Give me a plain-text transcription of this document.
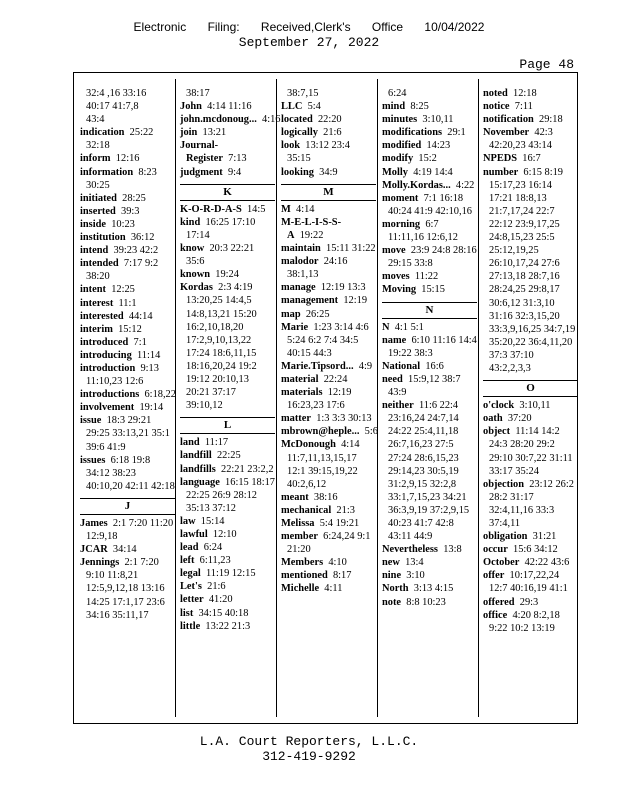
Electronic Filing: Received,Clerk's Office 10/04/2022
September 27, 2022
Page 48
32:4 ,16 33:16
40:17 41:7,8
43:4
indication 25:22 32:18
inform 12:16
information 8:23 30:25
initiated 28:25
inserted 39:3
inside 10:23
institution 36:12
intend 39:23 42:2
intended 7:17 9:2 38:20
intent 12:25
interest 11:1
interested 44:14
interim 15:12
introduced 7:1
introducing 11:14
introduction 9:13 11:10,23 12:6
introductions 6:18,22
involvement 19:14
issue 18:3 29:21 29:25 33:13,21 35:1 39:6 41:9
issues 6:18 19:8 34:12 38:23 40:10,20 42:11 42:18
J
James 2:1 7:20 11:20 12:9,18
JCAR 34:14
Jennings 2:1 7:20 9:10 11:8,21 12:5,9,12,18 13:16 14:25 17:1,17 23:6 34:16 35:11,17
38:17
John 4:14 11:16
john.mcdonoug... 4:16
join 13:21
Journal-Register 7:13
judgment 9:4
K
K-O-R-D-A-S 14:5
kind 16:25 17:10 17:14
know 20:3 22:21 35:6
known 19:24
Kordas 2:3 4:19 13:20,25 14:4,5 14:8,13,21 15:20 16:2,10,18,20 17:2,9,10,13,22 17:24 18:6,11,15 18:16,20,24 19:2 19:12 20:10,13 20:21 37:17 39:10,12
L
land 11:17
landfill 22:25
landfills 22:21 23:2,2
language 16:15 18:17 22:25 26:9 28:12 35:13 37:12
law 15:14
lawful 12:10
lead 6:24
left 6:11,23
legal 11:19 12:15
Let's 21:6
letter 41:20
list 34:15 40:18
little 13:22 21:3
38:7,15
LLC 5:4
located 22:20
logically 21:6
look 13:12 23:4 35:15
looking 34:9
M
M 4:14
M-E-L-I-S-S-A 19:22
maintain 15:11 31:22
malodor 24:16 38:1,13
manage 12:19 13:3
management 12:19
map 26:25
Marie 1:23 3:14 4:6 5:24 6:2 7:4 34:5 40:15 44:3
Marie.Tipsord... 4:9
material 22:24
materials 12:19 16:23,23 17:6
matter 1:3 3:3 30:13
mbrown@heple... 5:6
McDonough 4:14 11:7,11,13,15,17 12:1 39:15,19,22 40:2,6,12
meant 38:16
mechanical 21:3
Melissa 5:4 19:21
member 6:24,24 9:1 21:20
Members 4:10
mentioned 8:17
Michelle 4:11
6:24
mind 8:25
minutes 3:10,11
modifications 29:1
modified 14:23
modify 15:2
Molly 4:19 14:4
Molly.Kordas... 4:22
moment 7:1 16:18 40:24 41:9 42:10,16
morning 6:7 11:11,16 12:6,12
move 23:9 24:8 28:16 29:15 33:8
moves 11:22
Moving 15:15
N
N 4:1 5:1
name 6:10 11:16 14:4 19:22 38:3
National 16:6
need 15:9,12 38:7 43:9
neither 11:6 22:4 23:16,24 24:7,14 24:22 25:4,11,18 26:7,16,23 27:5 27:24 28:6,15,23 29:14,23 30:5,19 31:2,9,15 32:2,8 33:1,7,15,23 34:21 36:3,9,19 37:2,9,15 40:23 41:7 42:8 43:11 44:9
Nevertheless 13:8
new 13:4
nine 3:10
North 3:13 4:15
note 8:8 10:23
noted 12:18
notice 7:11
notification 29:18
November 42:3 42:20,23 43:14
NPEDS 16:7
number 6:15 8:19 15:17,23 16:14 17:21 18:8,13 21:7,17,24 22:7 22:12 23:9,17,25 24:8,15,23 25:5 25:12,19,25 26:10,17,24 27:6 27:13,18 28:7,16 28:24,25 29:8,17 30:6,12 31:3,10 31:16 32:3,15,20 33:3,9,16,25 34:7,19 35:20,22 36:4,11,20 37:3 37:10 43:2,2,3,3
O
o'clock 3:10,11
oath 37:20
object 11:14 14:2 24:3 28:20 29:2 29:10 30:7,22 31:11 33:17 35:24
objection 23:12 26:2 28:2 31:17 32:4,11,16 33:3 37:4,11
obligation 31:21
occur 15:6 34:12
October 42:22 43:6
offer 10:17,22,24 12:7 40:16,19 41:1
offered 29:3
office 4:20 8:2,18 9:22 10:2 13:19
L.A. Court Reporters, L.L.C.
312-419-9292
